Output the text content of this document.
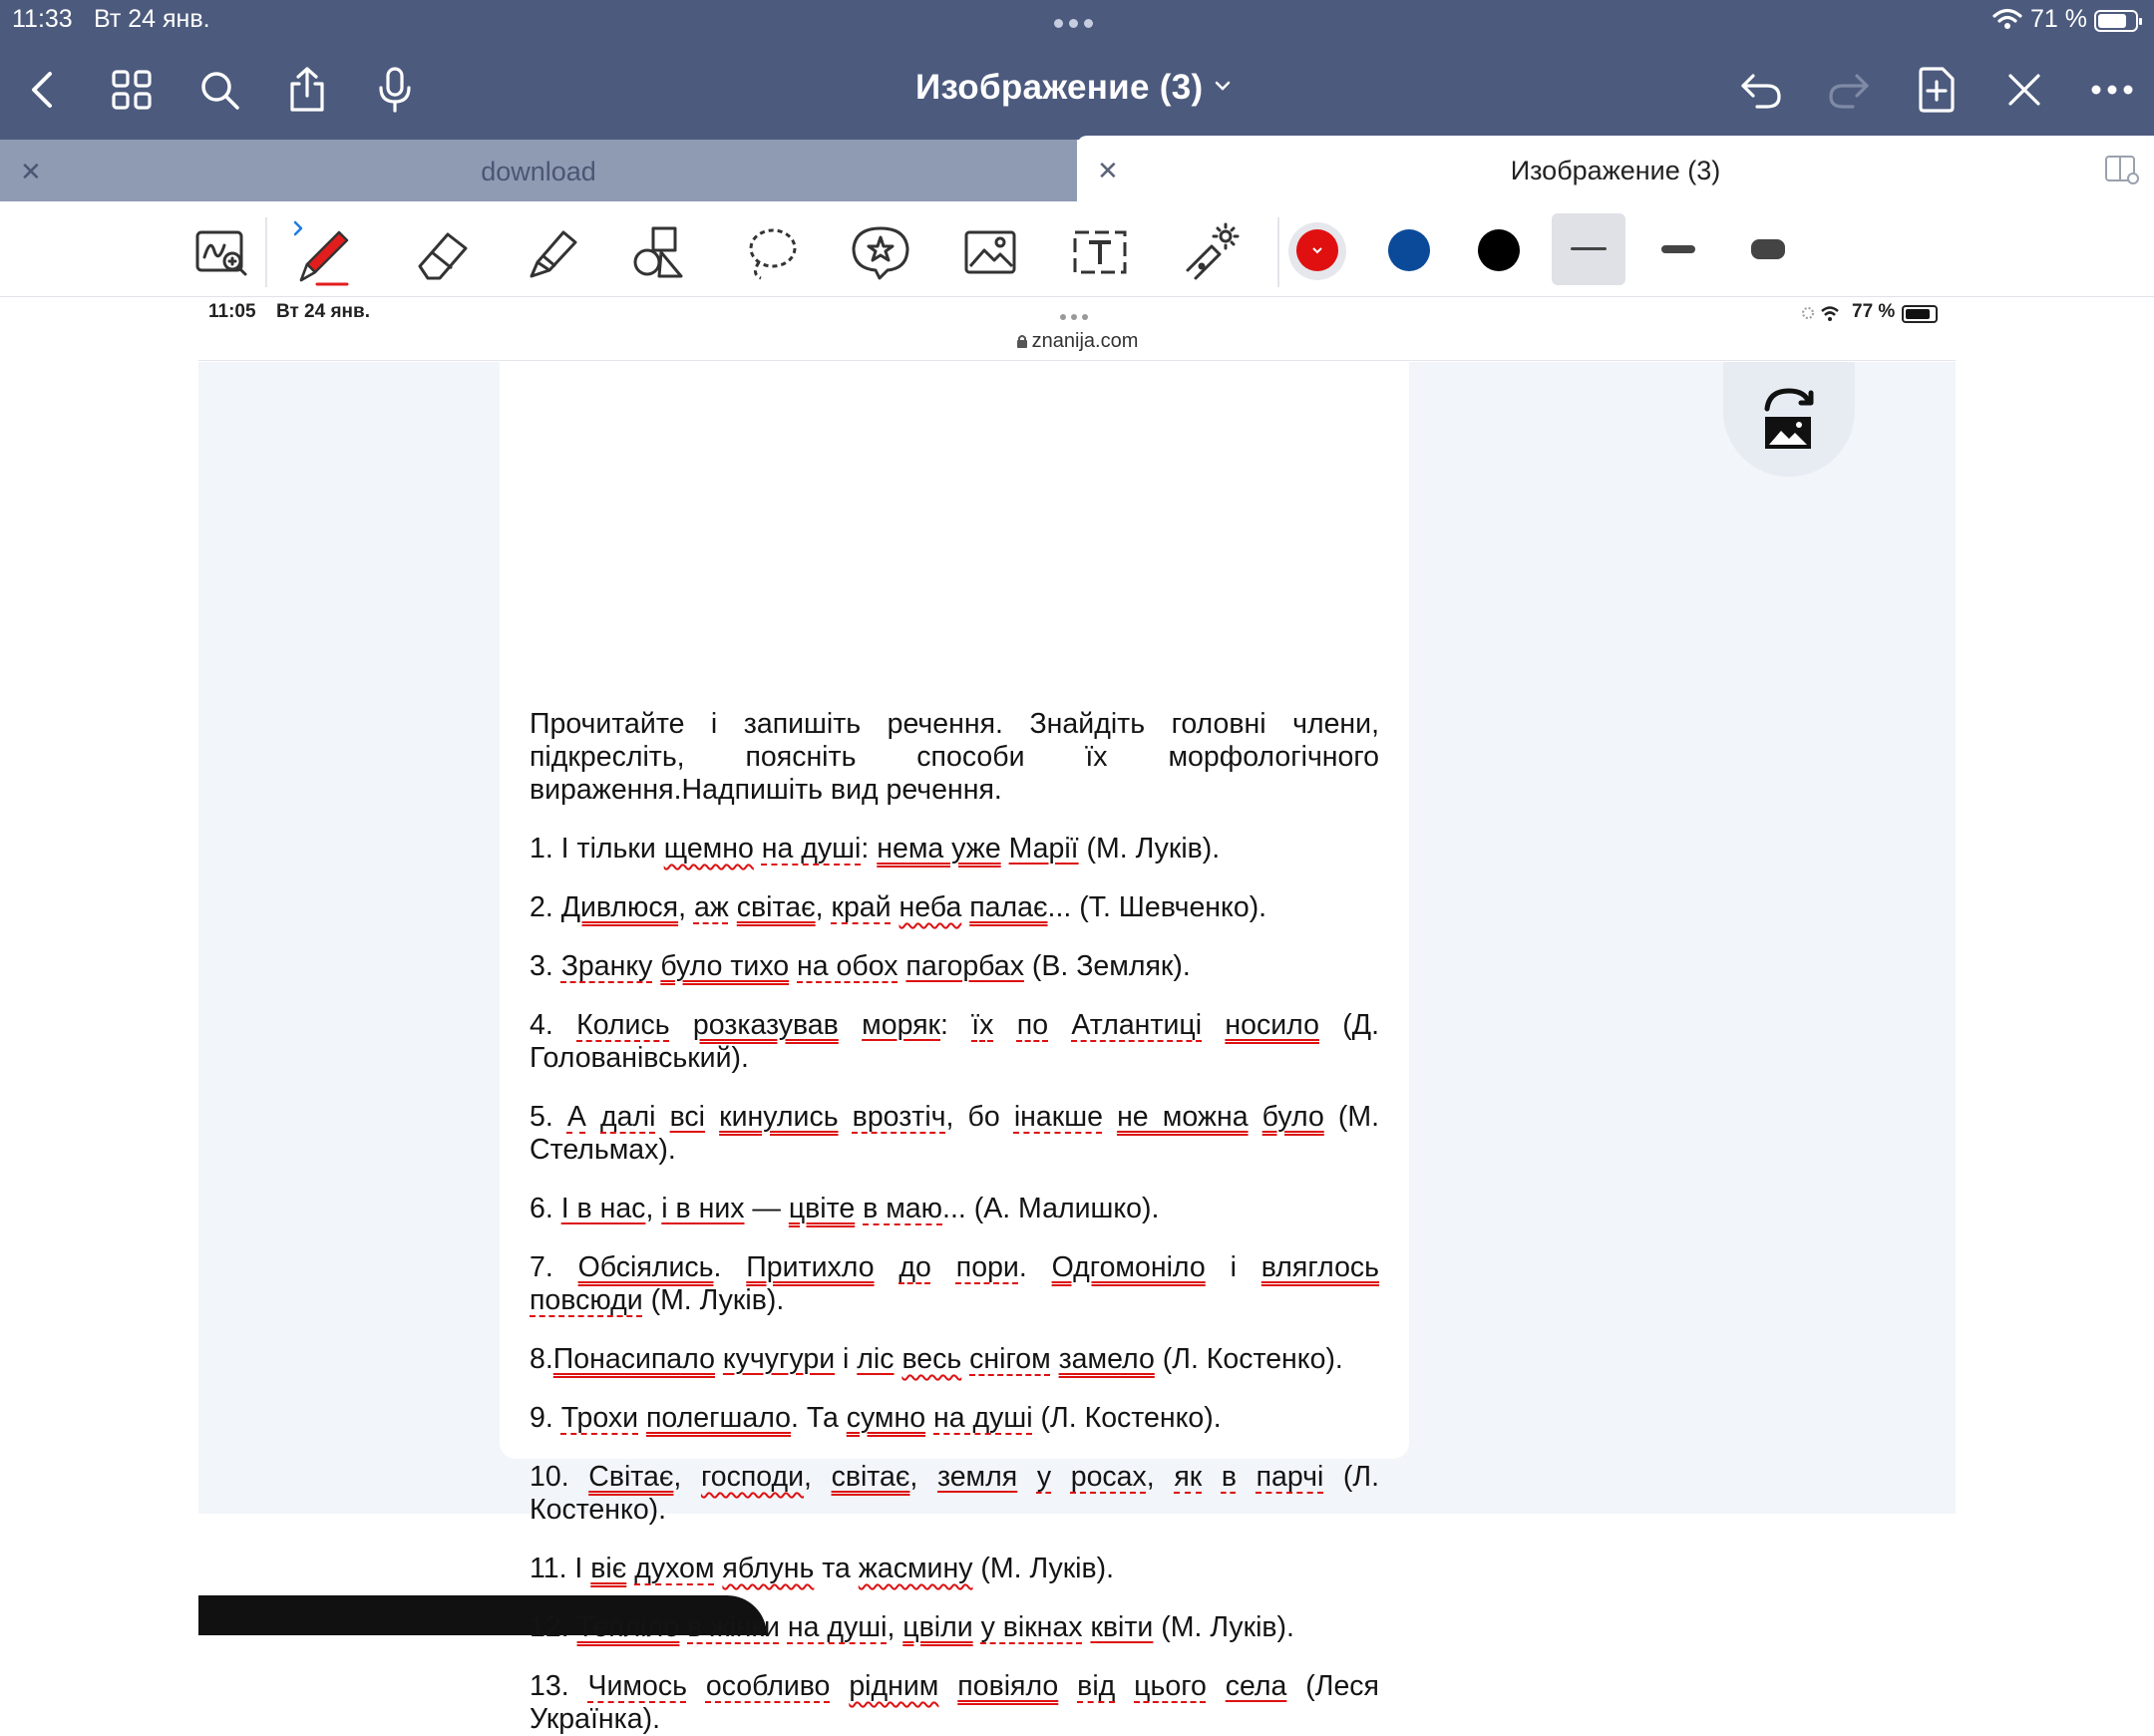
11:33 Вт 24 янв.	71 %
Изображение (3)
✕	download	✕	Изображение (3)
11:05 Вт 24 янв.	77 %
znanija.com
Прочитайте і запишіть речення. Знайдіть головні члени,
підкресліть, поясніть способи їх морфологічного
вираження.Надпишіть вид речення.
1. І тільки щемно на душі: нема уже Марії (М. Луків).
2. Дивлюся, аж світає, край неба палає... (Т. Шевченко).
3. Зранку було тихо на обох пагорбах (В. Земляк).
4. Колись розказував моряк: їх по Атлантиці носило (Д.
Голованівський).
5. А далі всі кинулись врозтіч, бо інакше не можна було (М.
Стельмах).
6. І в нас, і в них — цвіте в маю... (А. Малишко).
7. Обсіялись. Притихло до пори. Одгомоніло і вляглось
повсюди (М. Луків).
8.Понасипало кучугури і ліс весь снігом замело (Л. Костенко).
9. Трохи полегшало. Та сумно на душі (Л. Костенко).
10. Світає, господи, світає, земля у росах, як в парчі (Л.
Костенко).
11. І віє духом яблунь та жасмину (М. Луків).
12. Тепліло в жінки на душі, цвіли у вікнах квіти (М. Луків).
13. Чимось особливо рідним повіяло від цього села (Леся
Українка).
